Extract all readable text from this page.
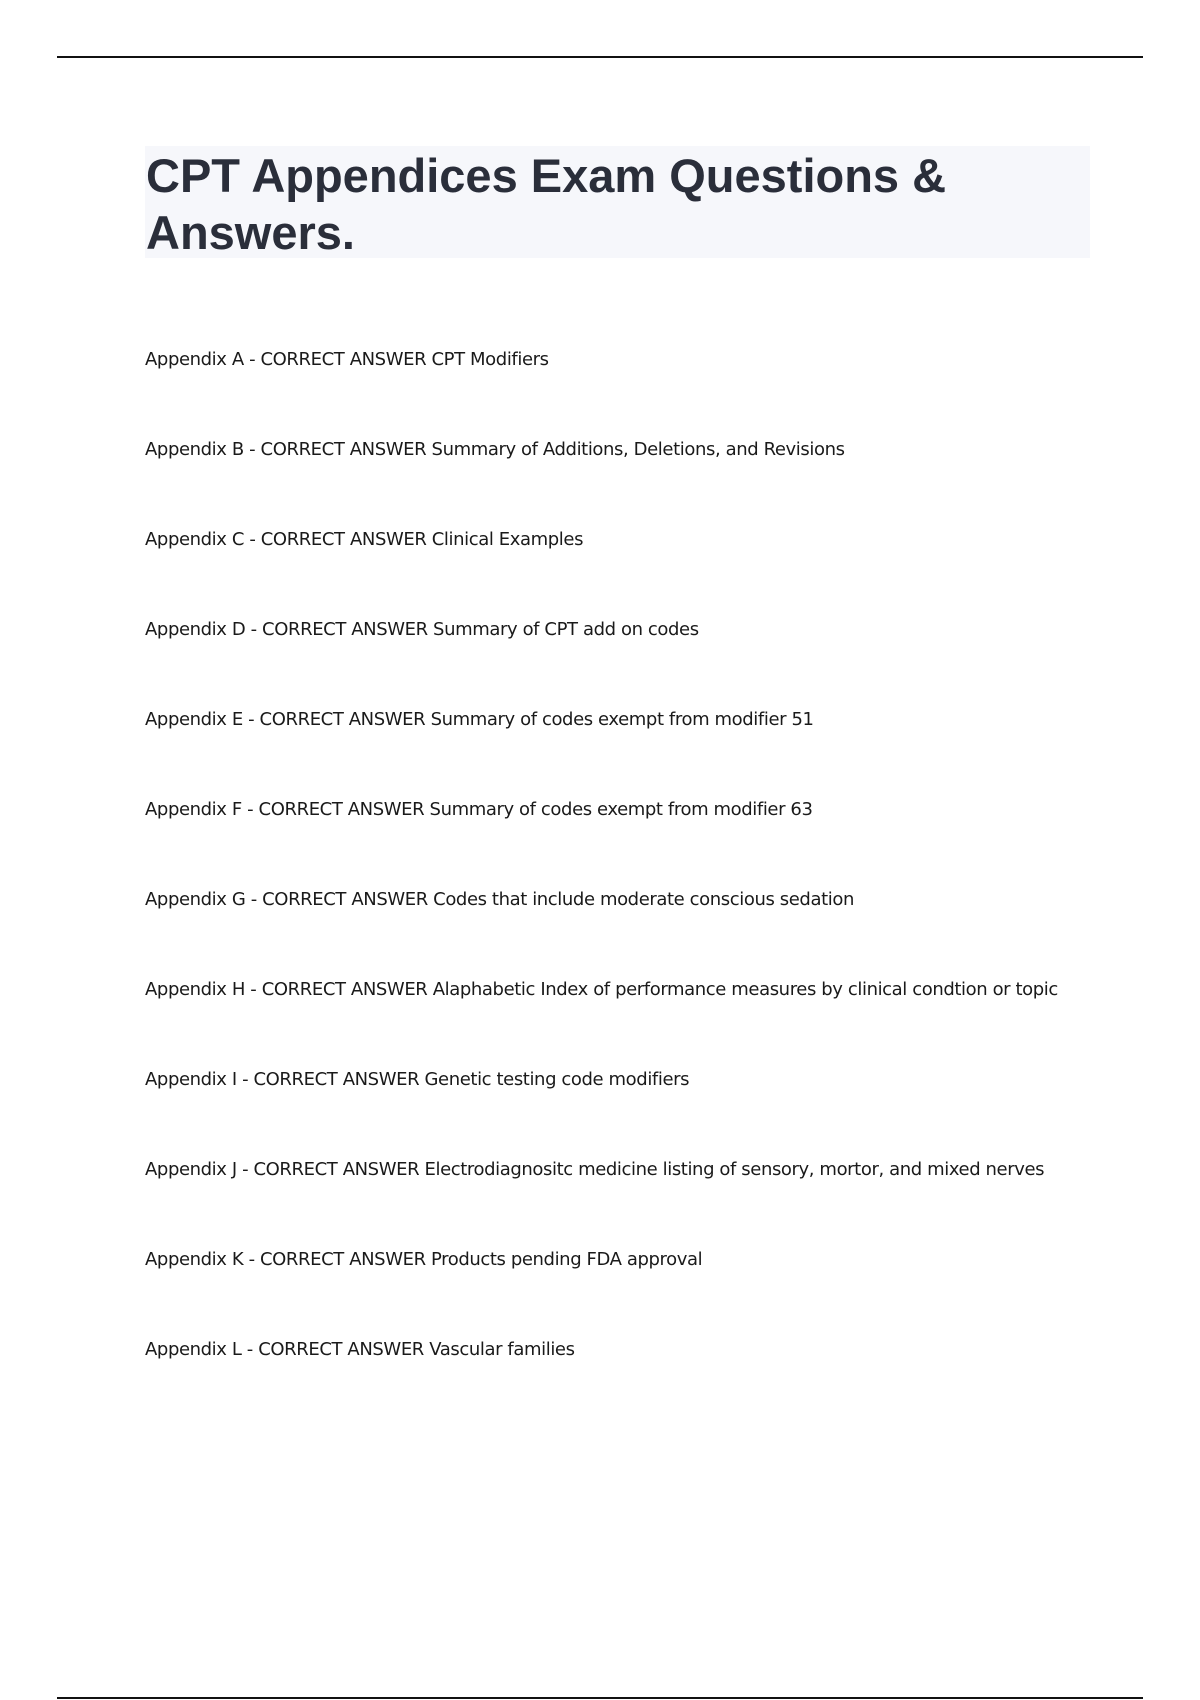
CPT Appendices Exam Questions & Answers.
Appendix A - CORRECT ANSWER CPT Modifiers
Appendix B - CORRECT ANSWER Summary of Additions, Deletions, and Revisions
Appendix C - CORRECT ANSWER Clinical Examples
Appendix D - CORRECT ANSWER Summary of CPT add on codes
Appendix E - CORRECT ANSWER Summary of codes exempt from modifier 51
Appendix F - CORRECT ANSWER Summary of codes exempt from modifier 63
Appendix G - CORRECT ANSWER Codes that include moderate conscious sedation
Appendix H - CORRECT ANSWER Alaphabetic Index of performance measures by clinical condtion or topic
Appendix I - CORRECT ANSWER Genetic testing code modifiers
Appendix J - CORRECT ANSWER Electrodiagnositc medicine listing of sensory, mortor, and mixed nerves
Appendix K - CORRECT ANSWER Products pending FDA approval
Appendix L - CORRECT ANSWER Vascular families
